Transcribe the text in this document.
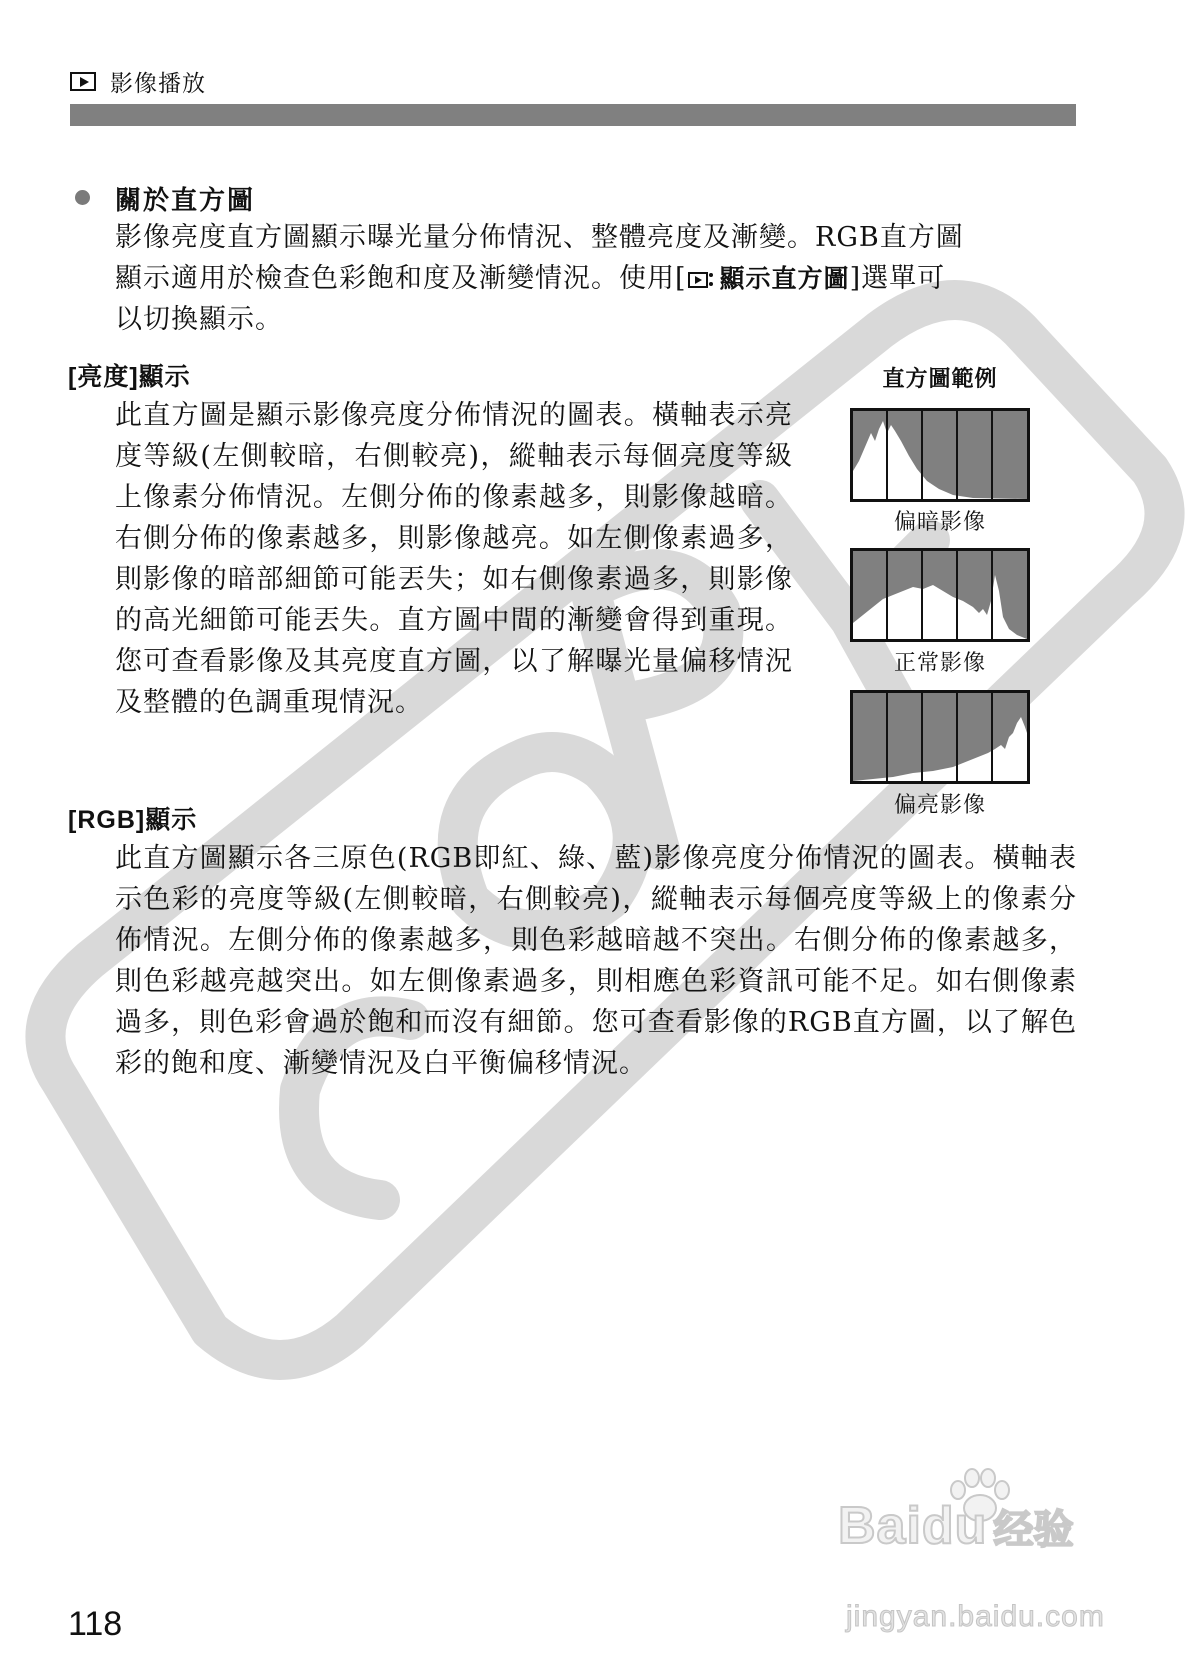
影像播放
關於直方圖
影像亮度直方圖顯示曝光量分佈情況、整體亮度及漸變。RGB直方圖
顯示適用於檢查色彩飽和度及漸變情況。使用[ 顯示直方圖]選單可
以切換顯示。
[亮度]顯示
此直方圖是顯示影像亮度分佈情況的圖表。橫軸表示亮度等級(左側較暗，右側較亮)，縱軸表示每個亮度等級上像素分佈情況。左側分佈的像素越多，則影像越暗。右側分佈的像素越多，則影像越亮。如左側像素過多，則影像的暗部細節可能丟失；如右側像素過多，則影像的高光細節可能丟失。直方圖中間的漸變會得到重現。您可查看影像及其亮度直方圖，以了解曝光量偏移情況及整體的色調重現情況。
直方圖範例
偏暗影像
正常影像
偏亮影像
[RGB]顯示
此直方圖顯示各三原色(RGB即紅、綠、藍)影像亮度分佈情況的圖表。橫軸表示色彩的亮度等級(左側較暗，右側較亮)，縱軸表示每個亮度等級上的像素分佈情況。左側分佈的像素越多，則色彩越暗越不突出。右側分佈的像素越多，則色彩越亮越突出。如左側像素過多，則相應色彩資訊可能不足。如右側像素過多，則色彩會過於飽和而沒有細節。您可查看影像的RGB直方圖，以了解色彩的飽和度、漸變情況及白平衡偏移情況。
118
Baidu 经验
jingyan.baidu.com
